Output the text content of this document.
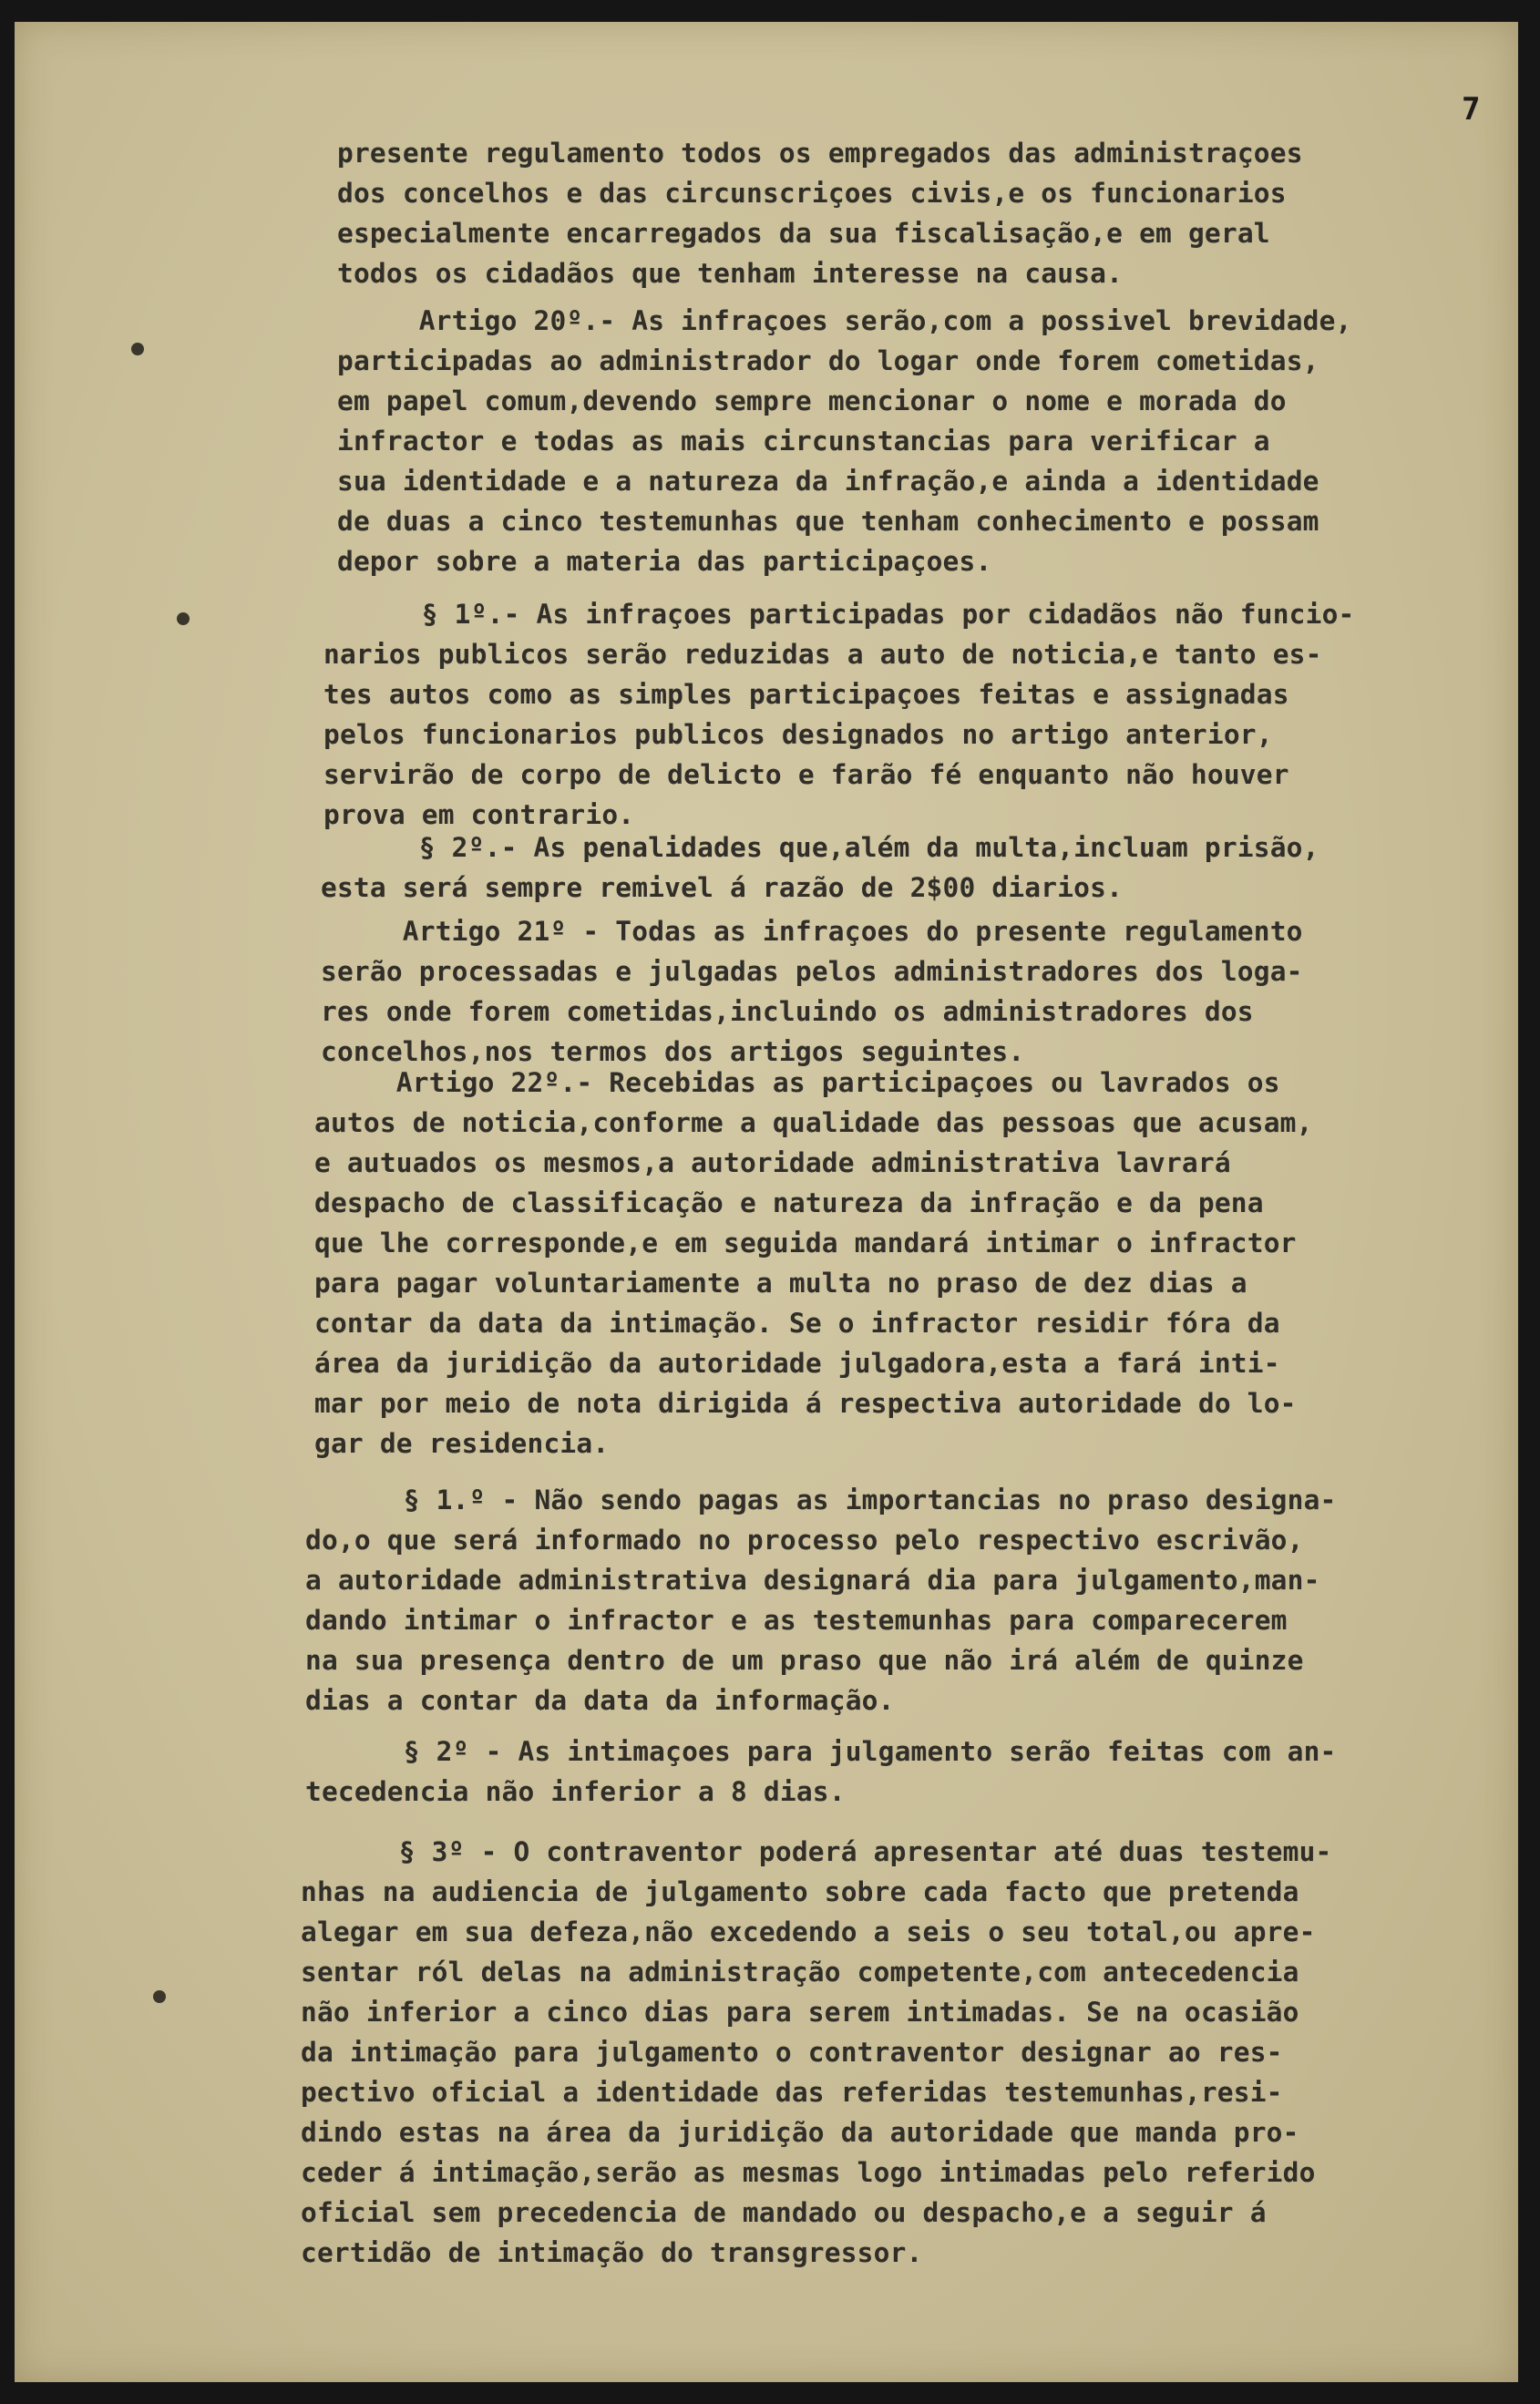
7
presente regulamento todos os empregados das administraçoes
dos concelhos e das circunscriçoes civis,e os funcionarios
especialmente encarregados da sua fiscalisação,e em geral
todos os cidadãos que tenham interesse na causa.
Artigo 20º.- As infraçoes serão,com a possivel brevidade,
participadas ao administrador do logar onde forem cometidas,
em papel comum,devendo sempre mencionar o nome e morada do
infractor e todas as mais circunstancias para verificar a
sua identidade e a natureza da infração,e ainda a identidade
de duas a cinco testemunhas que tenham conhecimento e possam
depor sobre a materia das participaçoes.
§ 1º.- As infraçoes participadas por cidadãos não funcio-
narios publicos serão reduzidas a auto de noticia,e tanto es-
tes autos como as simples participaçoes feitas e assignadas
pelos funcionarios publicos designados no artigo anterior,
servirão de corpo de delicto e farão fé enquanto não houver
prova em contrario.
§ 2º.- As penalidades que,além da multa,incluam prisão,
esta será sempre remivel á razão de 2$00 diarios.
Artigo 21º - Todas as infraçoes do presente regulamento
serão processadas e julgadas pelos administradores dos loga-
res onde forem cometidas,incluindo os administradores dos
concelhos,nos termos dos artigos seguintes.
Artigo 22º.- Recebidas as participaçoes ou lavrados os
autos de noticia,conforme a qualidade das pessoas que acusam,
e autuados os mesmos,a autoridade administrativa lavrará
despacho de classificação e natureza da infração e da pena
que lhe corresponde,e em seguida mandará intimar o infractor
para pagar voluntariamente a multa no praso de dez dias a
contar da data da intimação. Se o infractor residir fóra da
área da juridição da autoridade julgadora,esta a fará inti-
mar por meio de nota dirigida á respectiva autoridade do lo-
gar de residencia.
§ 1.º - Não sendo pagas as importancias no praso designa-
do,o que será informado no processo pelo respectivo escrivão,
a autoridade administrativa designará dia para julgamento,man-
dando intimar o infractor e as testemunhas para comparecerem
na sua presença dentro de um praso que não irá além de quinze
dias a contar da data da informação.
§ 2º - As intimaçoes para julgamento serão feitas com an-
tecedencia não inferior a 8 dias.
§ 3º - O contraventor poderá apresentar até duas testemu-
nhas na audiencia de julgamento sobre cada facto que pretenda
alegar em sua defeza,não excedendo a seis o seu total,ou apre-
sentar ról delas na administração competente,com antecedencia
não inferior a cinco dias para serem intimadas. Se na ocasião
da intimação para julgamento o contraventor designar ao res-
pectivo oficial a identidade das referidas testemunhas,resi-
dindo estas na área da juridição da autoridade que manda pro-
ceder á intimação,serão as mesmas logo intimadas pelo referido
oficial sem precedencia de mandado ou despacho,e a seguir á
certidão de intimação do transgressor.
